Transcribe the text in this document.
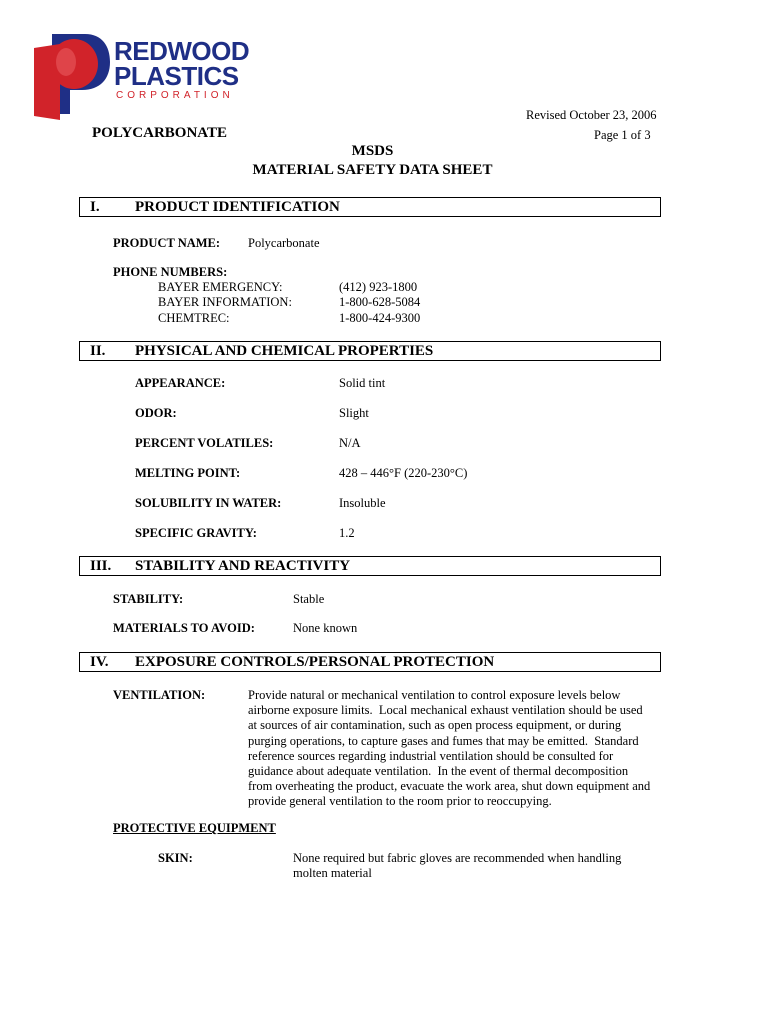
REDWOOD
PLASTICS
CORPORATION
Revised October 23, 2006
POLYCARBONATE	Page 1 of 3
MSDS
MATERIAL SAFETY DATA SHEET
I. PRODUCT IDENTIFICATION
PRODUCT NAME: Polycarbonate
PHONE NUMBERS:
BAYER EMERGENCY:	(412) 923-1800
BAYER INFORMATION:	1-800-628-5084
CHEMTREC:	1-800-424-9300
II. PHYSICAL AND CHEMICAL PROPERTIES
APPEARANCE:	Solid tint
ODOR:	Slight
PERCENT VOLATILES:	N/A
MELTING POINT:	428 – 446°F (220-230°C)
SOLUBILITY IN WATER:	Insoluble
SPECIFIC GRAVITY:	1.2
III. STABILITY AND REACTIVITY
STABILITY:	Stable
MATERIALS TO AVOID:	None known
IV. EXPOSURE CONTROLS/PERSONAL PROTECTION
VENTILATION:	Provide natural or mechanical ventilation to control exposure levels below
airborne exposure limits.  Local mechanical exhaust ventilation should be used
at sources of air contamination, such as open process equipment, or during
purging operations, to capture gases and fumes that may be emitted.  Standard
reference sources regarding industrial ventilation should be consulted for
guidance about adequate ventilation.  In the event of thermal decomposition
from overheating the product, evacuate the work area, shut down equipment and
provide general ventilation to the room prior to reoccupying.
PROTECTIVE EQUIPMENT
SKIN:	None required but fabric gloves are recommended when handling
molten material
